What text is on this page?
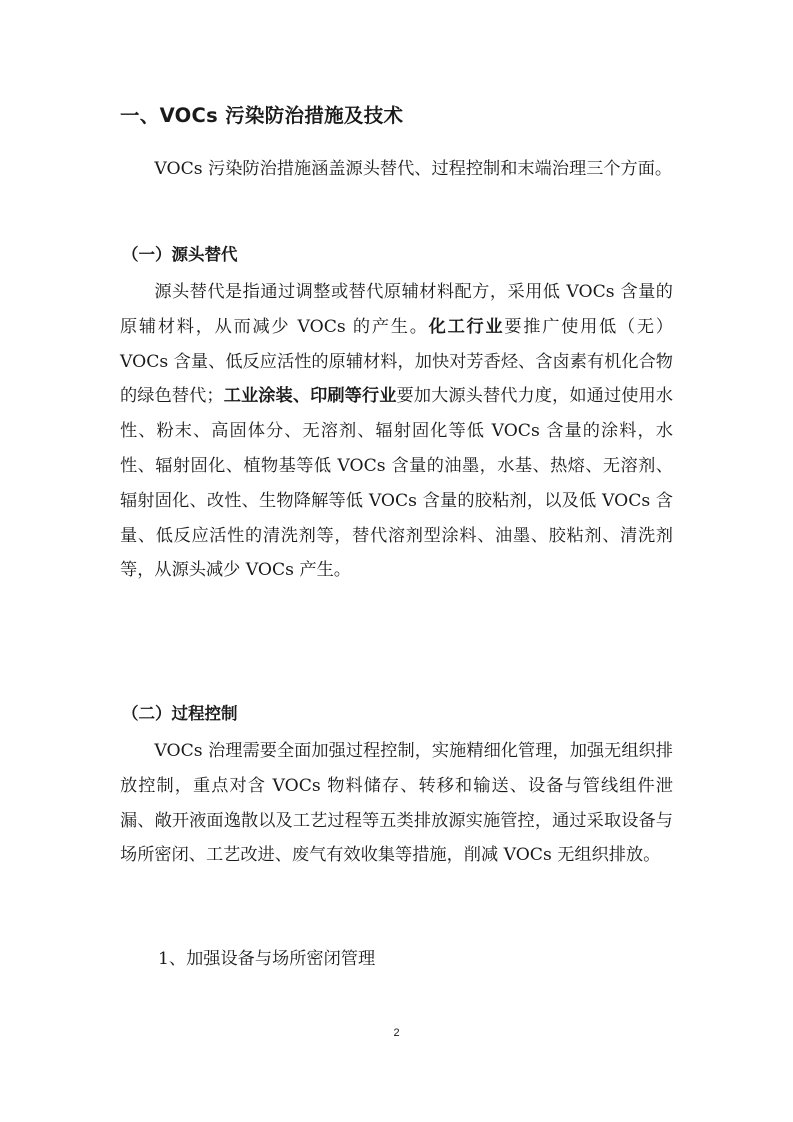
一、VOCs 污染防治措施及技术

VOCs 污染防治措施涵盖源头替代、过程控制和末端治理三个方面。

（一）源头替代

源头替代是指通过调整或替代原辅材料配方，采用低 VOCs 含量的原辅材料，从而减少 VOCs 的产生。化工行业要推广使用低（无）VOCs 含量、低反应活性的原辅材料，加快对芳香烃、含卤素有机化合物的绿色替代；工业涂装、印刷等行业要加大源头替代力度，如通过使用水性、粉末、高固体分、无溶剂、辐射固化等低 VOCs 含量的涂料，水性、辐射固化、植物基等低 VOCs 含量的油墨，水基、热熔、无溶剂、辐射固化、改性、生物降解等低 VOCs 含量的胶粘剂，以及低 VOCs 含量、低反应活性的清洗剂等，替代溶剂型涂料、油墨、胶粘剂、清洗剂等，从源头减少 VOCs 产生。

（二）过程控制

VOCs 治理需要全面加强过程控制，实施精细化管理，加强无组织排放控制，重点对含 VOCs 物料储存、转移和输送、设备与管线组件泄漏、敞开液面逸散以及工艺过程等五类排放源实施管控，通过采取设备与场所密闭、工艺改进、废气有效收集等措施，削减 VOCs 无组织排放。

1、加强设备与场所密闭管理

2
